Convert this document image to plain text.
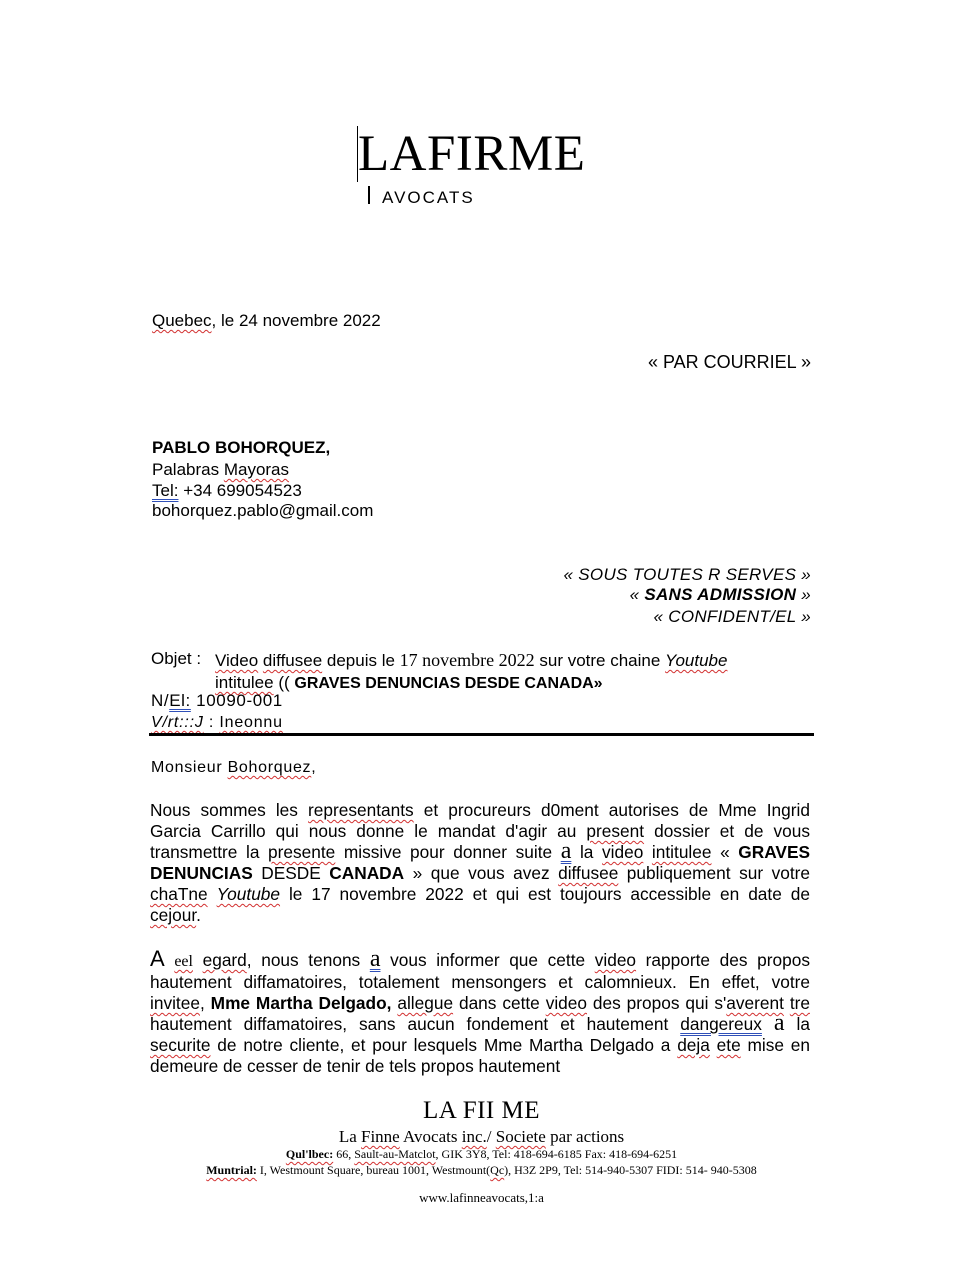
LAFIRME
AVOCATS
Quebec, le 24 novembre 2022
« PAR COURRIEL »
PABLO BOHORQUEZ,
Palabras Mayoras
Tel: +34 699054523
bohorquez.pablo@gmail.com
« SOUS TOUTES R SERVES »
« SANS ADMISSION »
« CONFIDENT/EL »
Objet : Video diffusee depuis le 17 novembre 2022 sur votre chaine Youtube
intitulee (( GRAVES DENUNCIAS DESDE CANADA»
N/El: 10090-001
V/rt:::J : Ineonnu
Monsieur Bohorquez,
Nous sommes les representants et procureurs d0ment autorises de Mme Ingrid Garcia Carrillo qui nous donne le mandat d'agir au present dossier et de vous transmettre la presente missive pour donner suite a la video intitulee « GRAVES DENUNCIAS DESDE CANADA » que vous avez diffusee publiquement sur votre chaTne Youtube le 17 novembre 2022 et qui est toujours accessible en date de cejour.
A eel egard, nous tenons a vous informer que cette video rapporte des propos hautement diffamatoires, totalement mensongers et calomnieux. En effet, votre invitee, Mme Martha Delgado, allegue dans cette video des propos qui s'averent tre hautement diffamatoires, sans aucun fondement et hautement dangereux a la securite de notre cliente, et pour lesquels Mme Martha Delgado a deja ete mise en demeure de cesser de tenir de tels propos hautement
LA FII ME
La Finne Avocats inc./ Societe par actions
Qul'lbec: 66, Sault-au-Matclot, GIK 3Y8, Tel: 418-694-6185 Fax: 418-694-6251
Muntrial: I, Westmount Square, bureau 1001, Westmount(Qc), H3Z 2P9, Tel: 514-940-5307 FIDI: 514- 940-5308
www.lafinneavocats,1:a
